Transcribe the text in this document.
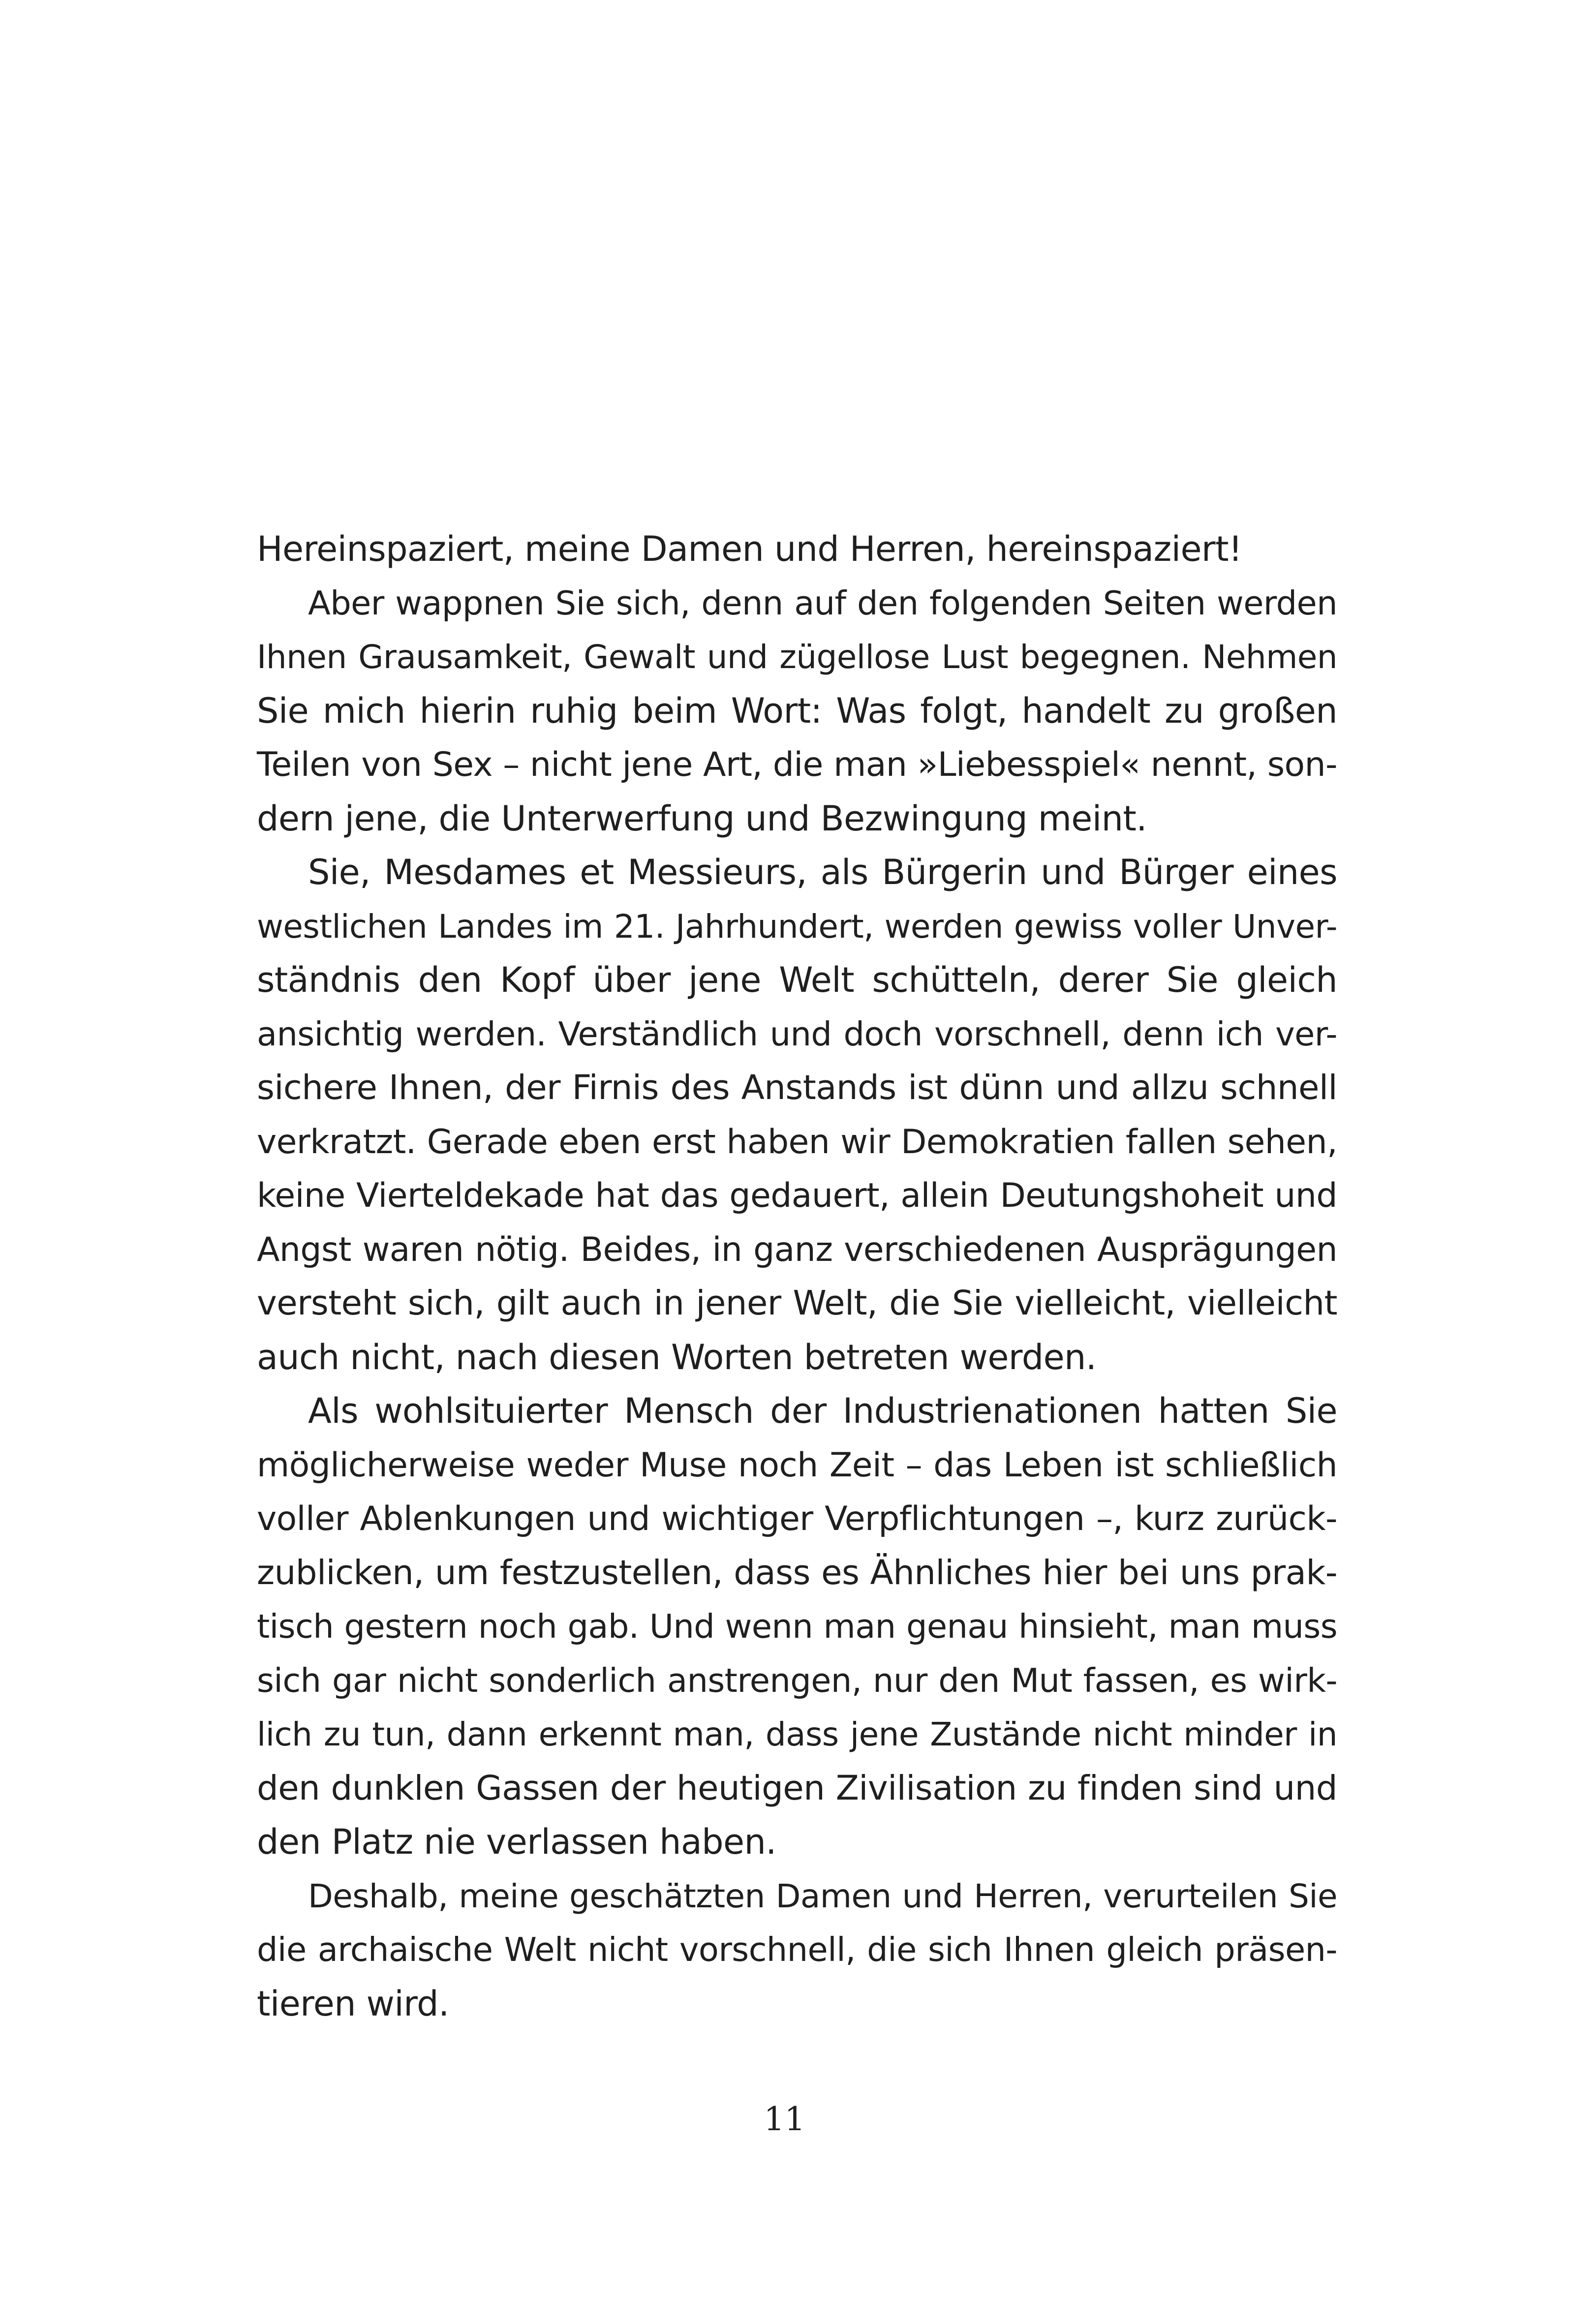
Hereinspaziert, meine Damen und Herren, hereinspaziert!
Aber wappnen Sie sich, denn auf den folgenden Seiten werden
Ihnen Grausamkeit, Gewalt und zügellose Lust begegnen. Nehmen
Sie mich hierin ruhig beim Wort: Was folgt, handelt zu großen
Teilen von Sex – nicht jene Art, die man »Liebesspiel« nennt, son-
dern jene, die Unterwerfung und Bezwingung meint.
Sie, Mesdames et Messieurs, als Bürgerin und Bürger eines
westlichen Landes im 21. Jahrhundert, werden gewiss voller Unver-
ständnis den Kopf über jene Welt schütteln, derer Sie gleich
ansichtig werden. Verständlich und doch vorschnell, denn ich ver-
sichere Ihnen, der Firnis des Anstands ist dünn und allzu schnell
verkratzt. Gerade eben erst haben wir Demokratien fallen sehen,
keine Vierteldekade hat das gedauert, allein Deutungshoheit und
Angst waren nötig. Beides, in ganz verschiedenen Ausprägungen
versteht sich, gilt auch in jener Welt, die Sie vielleicht, vielleicht
auch nicht, nach diesen Worten betreten werden.
Als wohlsituierter Mensch der Industrienationen hatten Sie
möglicherweise weder Muse noch Zeit – das Leben ist schließlich
voller Ablenkungen und wichtiger Verpflichtungen –, kurz zurück-
zublicken, um festzustellen, dass es Ähnliches hier bei uns prak-
tisch gestern noch gab. Und wenn man genau hinsieht, man muss
sich gar nicht sonderlich anstrengen, nur den Mut fassen, es wirk-
lich zu tun, dann erkennt man, dass jene Zustände nicht minder in
den dunklen Gassen der heutigen Zivilisation zu finden sind und
den Platz nie verlassen haben.
Deshalb, meine geschätzten Damen und Herren, verurteilen Sie
die archaische Welt nicht vorschnell, die sich Ihnen gleich präsen-
tieren wird.
11
